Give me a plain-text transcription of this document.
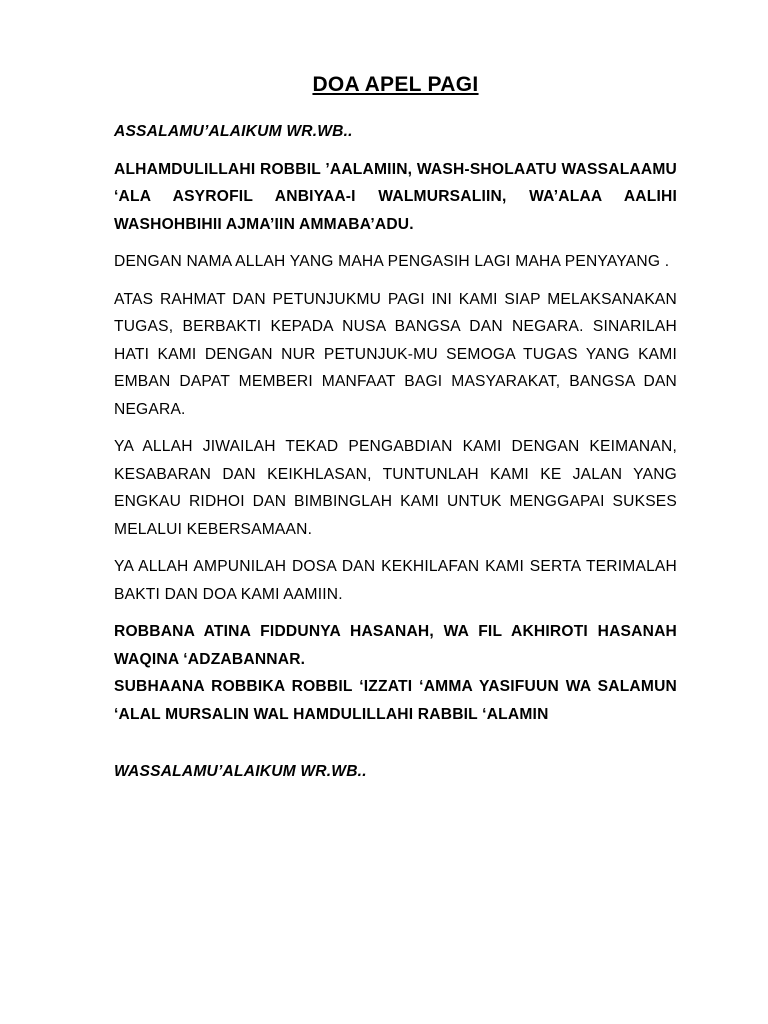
DOA APEL PAGI

ASSALAMU’ALAIKUM WR.WB..

ALHAMDULILLAHI ROBBIL ’AALAMIIN, WASH-SHOLAATU WASSALAAMU ‘ALA ASYROFIL ANBIYAA-I WALMURSALIIN, WA’ALAA AALIHI WASHOHBIHII AJMA’IIN AMMABA’ADU.

DENGAN NAMA ALLAH YANG MAHA PENGASIH LAGI MAHA PENYAYANG .

ATAS RAHMAT DAN PETUNJUKMU PAGI INI KAMI SIAP MELAKSANAKAN TUGAS, BERBAKTI KEPADA NUSA BANGSA DAN NEGARA. SINARILAH HATI KAMI DENGAN NUR PETUNJUK-MU SEMOGA TUGAS YANG KAMI EMBAN DAPAT MEMBERI MANFAAT BAGI MASYARAKAT, BANGSA DAN NEGARA.

YA ALLAH JIWAILAH TEKAD PENGABDIAN KAMI DENGAN KEIMANAN, KESABARAN DAN KEIKHLASAN, TUNTUNLAH KAMI KE JALAN YANG ENGKAU RIDHOI DAN BIMBINGLAH KAMI UNTUK MENGGAPAI SUKSES MELALUI KEBERSAMAAN.

YA ALLAH AMPUNILAH DOSA DAN KEKHILAFAN KAMI SERTA TERIMALAH BAKTI DAN DOA KAMI AAMIIN.

ROBBANA ATINA FIDDUNYA HASANAH, WA FIL AKHIROTI HASANAH WAQINA ‘ADZABANNAR.

SUBHAANA ROBBIKA ROBBIL ‘IZZATI ‘AMMA YASIFUUN WA SALAMUN ‘ALAL MURSALIN WAL HAMDULILLAHI RABBIL ‘ALAMIN

WASSALAMU’ALAIKUM WR.WB..
